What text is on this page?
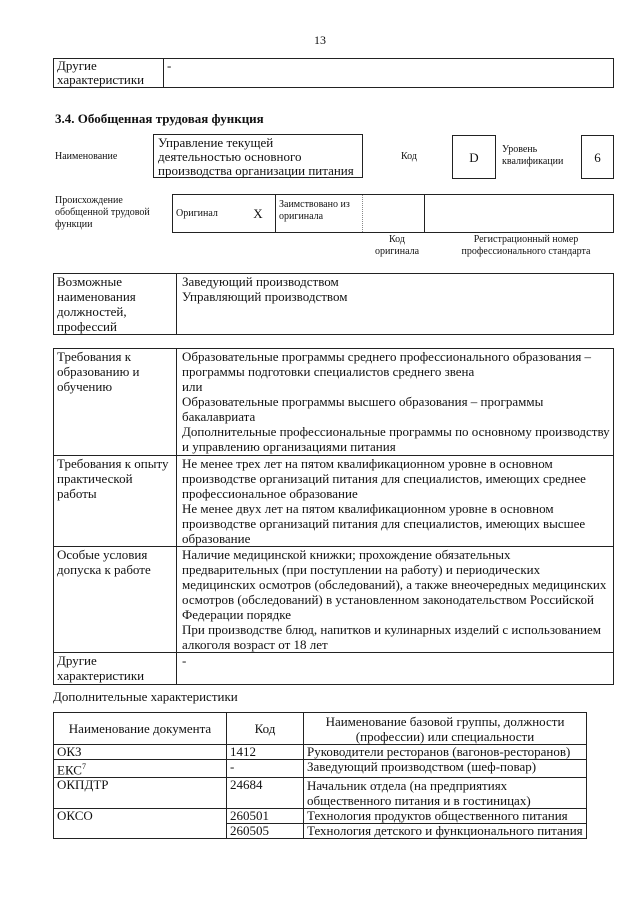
13
Другие характеристики	-
3.4. Обобщенная трудовая функция
Наименование
Управление текущей деятельностью основного производства организации питания
Код	D
Уровень квалификации	6
Происхождение обобщенной трудовой функции
Оригинал	X	Заимствовано из оригинала		
Код оригинала
Регистрационный номер профессионального стандарта
Возможные наименования должностей, профессий	
Заведующий производством
Управляющий производством
Требования к образованию и обучению	Образовательные программы среднего профессионального образования – программы подготовки специалистов среднего звена
или
Образовательные программы высшего образования – программы бакалавриата
Дополнительные профессиональные программы по основному производству и управлению организациями питания

Требования к опыту практической работы	Не менее трех лет на пятом квалификационном уровне в основном производстве организаций питания для специалистов, имеющих среднее профессиональное образование
Не менее двух лет на пятом квалификационном уровне в основном производстве организаций питания для специалистов, имеющих высшее образование

Особые условия допуска к работе	Наличие медицинской книжки; прохождение обязательных предварительных (при поступлении на работу) и периодических медицинских осмотров (обследований), а также внеочередных медицинских осмотров (обследований) в установленном законодательством Российской Федерации порядке
При производстве блюд, напитков и кулинарных изделий с использованием алкоголя возраст от 18 лет

Другие характеристики	-
Дополнительные характеристики
Наименование документа	Код	Наименование базовой группы, должности (профессии) или специальности
ОКЗ	1412	Руководители ресторанов (вагонов-ресторанов)
ЕКС$^7$	-	Заведующий производством (шеф-повар)
ОКПДТР	24684	Начальник отдела (на предприятиях общественного питания и в гостиницах)
ОКСО	260501	Технология продуктов общественного питания
	260505	Технология детского и функционального питания
